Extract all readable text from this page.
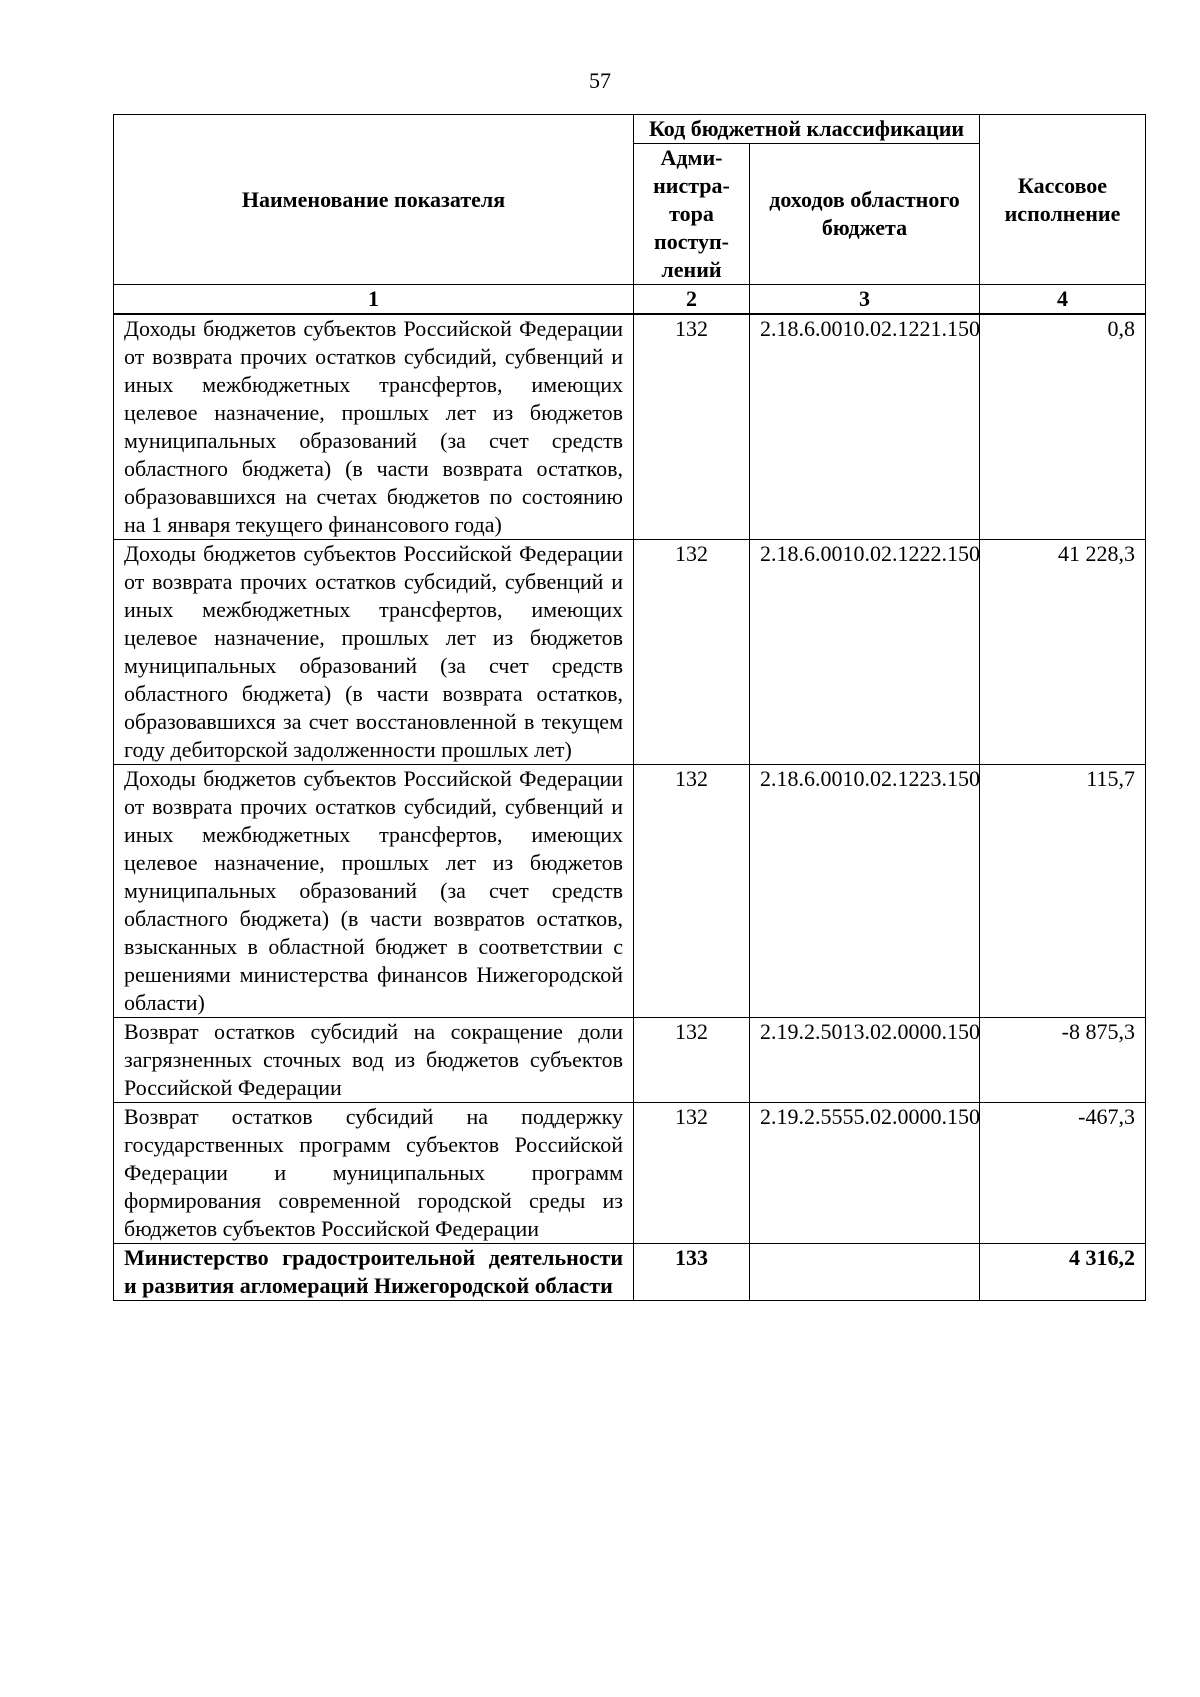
57
Наименование показателя	Код бюджетной классификации		Кассовое исполнение
	Адми-нистра-тора поступ-лений	доходов областного бюджета	
1	2	3	4
Доходы бюджетов субъектов Российской Федерации от возврата прочих остатков субсидий, субвенций и иных межбюджетных трансфертов, имеющих целевое назначение, прошлых лет из бюджетов муниципальных образований (за счет средств областного бюджета) (в части возврата остатков, образовавшихся на счетах бюджетов по состоянию на 1 января текущего финансового года)	132	2.18.6.0010.02.1221.150	0,8
Доходы бюджетов субъектов Российской Федерации от возврата прочих остатков субсидий, субвенций и иных межбюджетных трансфертов, имеющих целевое назначение, прошлых лет из бюджетов муниципальных образований (за счет средств областного бюджета) (в части возврата остатков, образовавшихся за счет восстановленной в текущем году дебиторской задолженности прошлых лет)	132	2.18.6.0010.02.1222.150	41 228,3
Доходы бюджетов субъектов Российской Федерации от возврата прочих остатков субсидий, субвенций и иных межбюджетных трансфертов, имеющих целевое назначение, прошлых лет из бюджетов муниципальных образований (за счет средств областного бюджета) (в части возвратов остатков, взысканных в областной бюджет в соответствии с решениями министерства финансов Нижегородской области)	132	2.18.6.0010.02.1223.150	115,7
Возврат остатков субсидий на сокращение доли загрязненных сточных вод из бюджетов субъектов Российской Федерации	132	2.19.2.5013.02.0000.150	-8 875,3
Возврат остатков субсидий на поддержку государственных программ субъектов Российской Федерации и муниципальных программ формирования современной городской среды из бюджетов субъектов Российской Федерации	132	2.19.2.5555.02.0000.150	-467,3
Министерство градостроительной деятельности и развития агломераций Нижегородской области	133		4 316,2
